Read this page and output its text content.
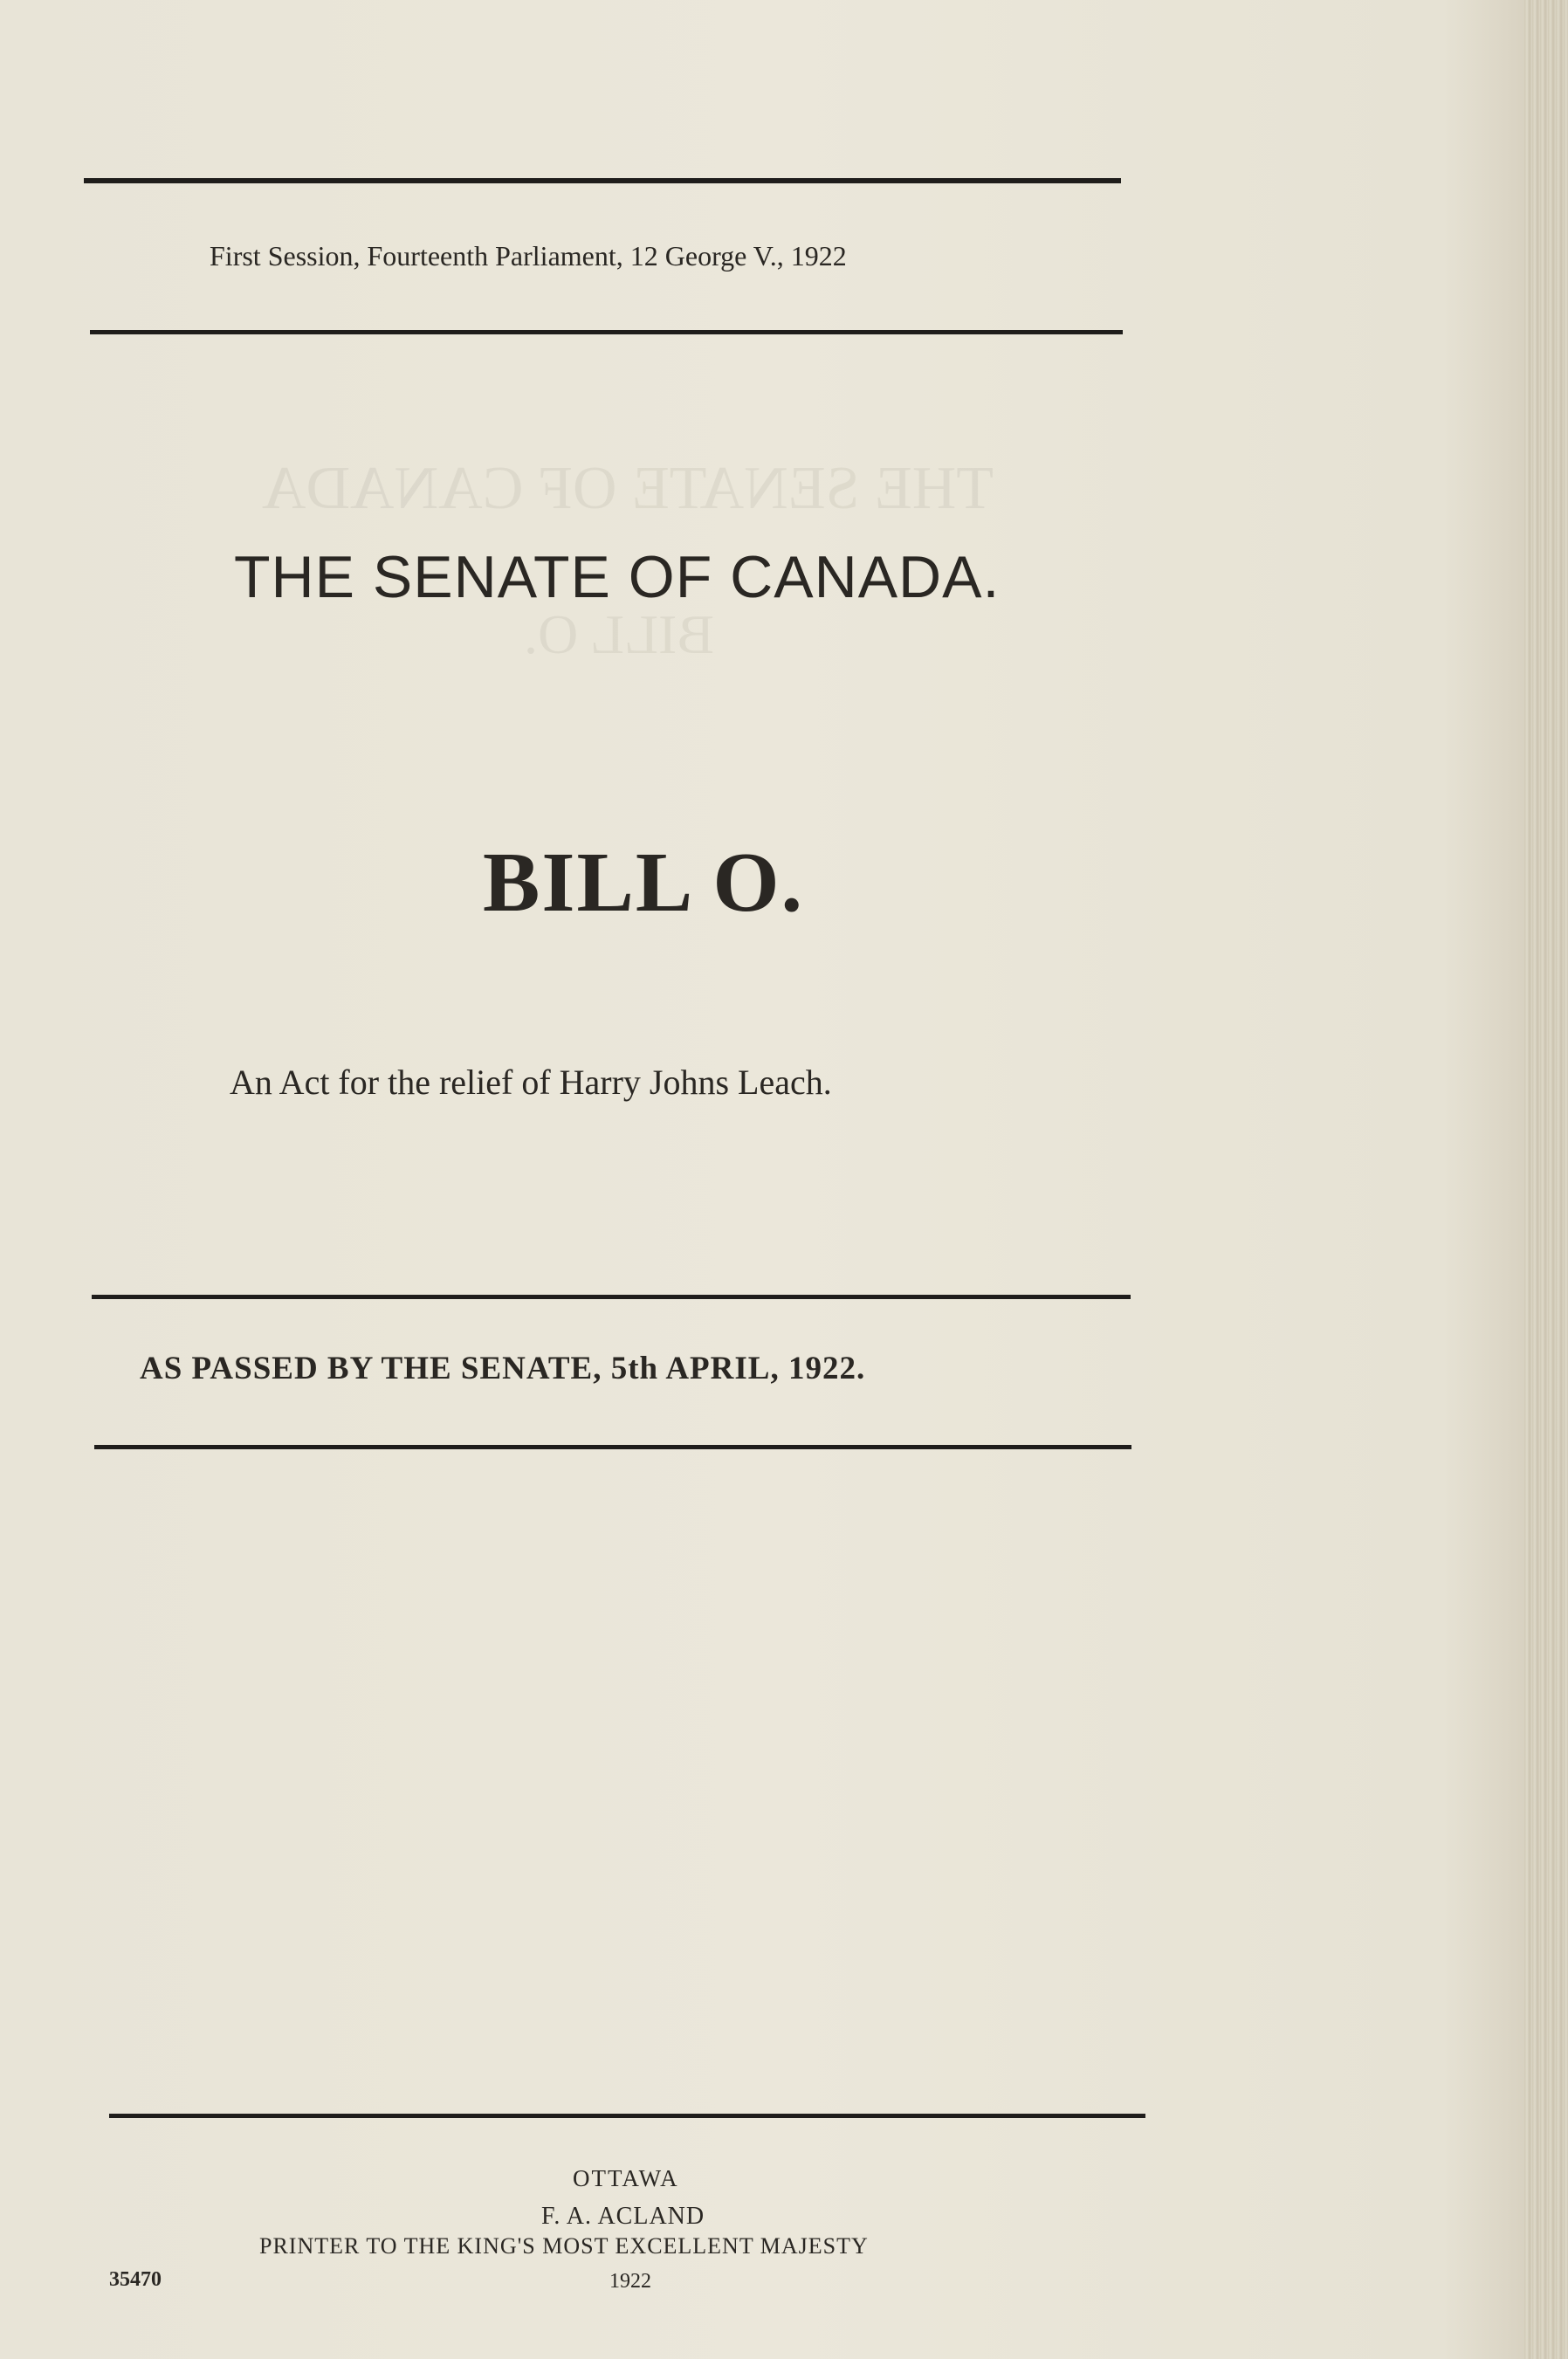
THE SENATE OF CANADA
BILL O.
First Session, Fourteenth Parliament, 12 George V., 1922
THE SENATE OF CANADA.
BILL O.
An Act for the relief of Harry Johns Leach.
AS PASSED BY THE SENATE, 5th APRIL, 1922.
OTTAWA
F. A. ACLAND
PRINTER TO THE KING'S MOST EXCELLENT MAJESTY
1922
35470
